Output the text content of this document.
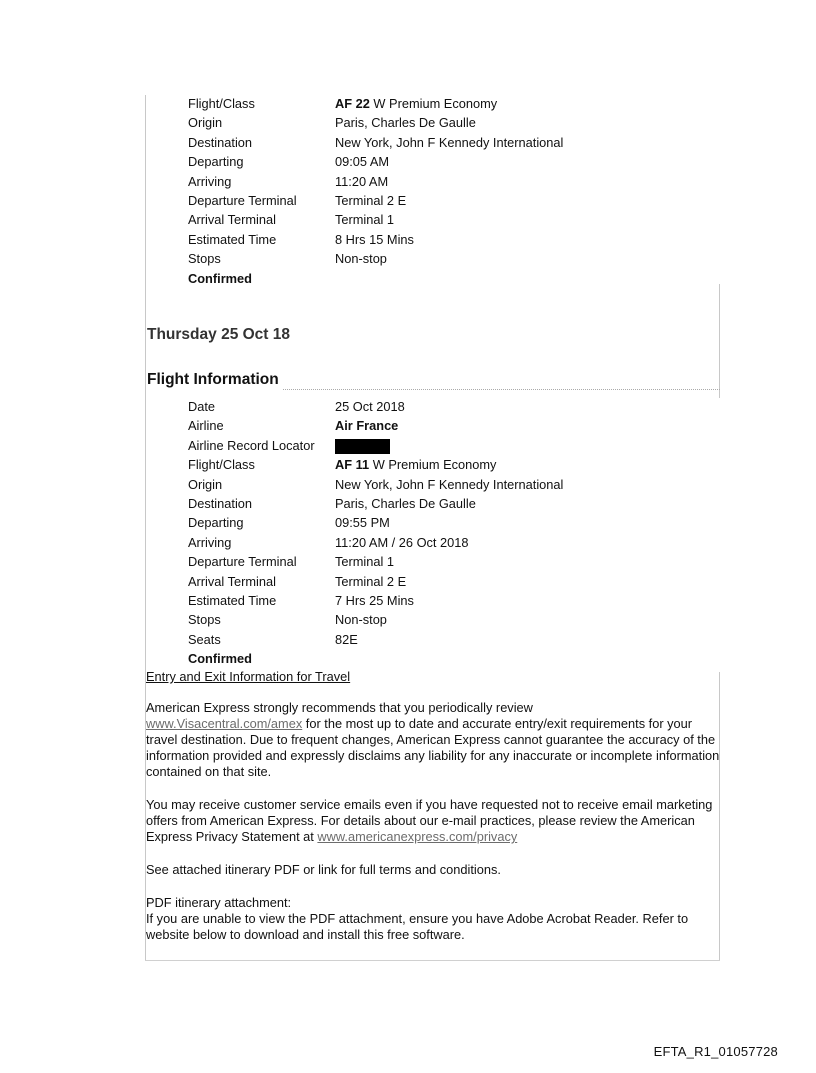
Flight/Class	AF 22 W Premium Economy
Origin	Paris, Charles De Gaulle
Destination	New York, John F Kennedy International
Departing	09:05 AM
Arriving	11:20 AM
Departure Terminal	Terminal 2 E
Arrival Terminal	Terminal 1
Estimated Time	8 Hrs 15 Mins
Stops	Non-stop
Confirmed
Thursday 25 Oct 18
Flight Information
Date	25 Oct 2018
Airline	Air France
Airline Record Locator
Flight/Class	AF 11 W Premium Economy
Origin	New York, John F Kennedy International
Destination	Paris, Charles De Gaulle
Departing	09:55 PM
Arriving	11:20 AM / 26 Oct 2018
Departure Terminal	Terminal 1
Arrival Terminal	Terminal 2 E
Estimated Time	7 Hrs 25 Mins
Stops	Non-stop
Seats	82E
Confirmed
Entry and Exit Information for Travel

American Express strongly recommends that you periodically review
www.Visacentral.com/amex for the most up to date and accurate entry/exit requirements for your travel destination. Due to frequent changes, American Express cannot guarantee the accuracy of the information provided and expressly disclaims any liability for any inaccurate or incomplete information contained on that site.

You may receive customer service emails even if you have requested not to receive email marketing offers from American Express. For details about our e-mail practices, please review the American Express Privacy Statement at www.americanexpress.com/privacy

See attached itinerary PDF or link for full terms and conditions.

PDF itinerary attachment:
If you are unable to view the PDF attachment, ensure you have Adobe Acrobat Reader. Refer to website below to download and install this free software.

EFTA_R1_01057728
